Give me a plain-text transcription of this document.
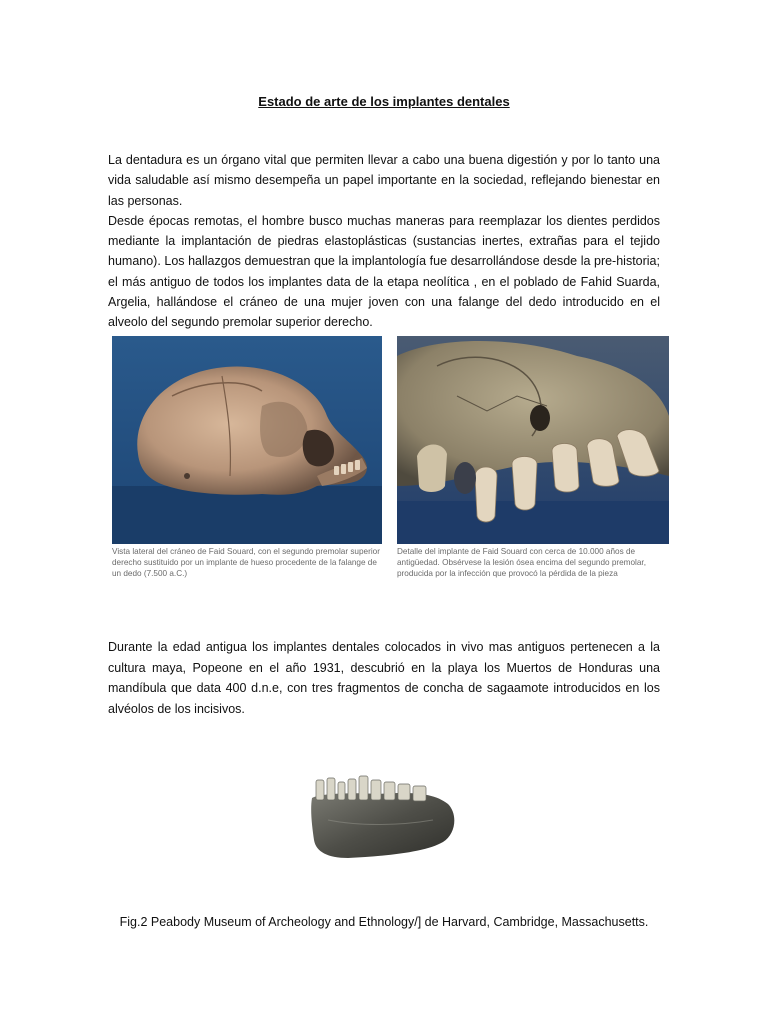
Estado de arte de los implantes dentales

La dentadura es un órgano vital que permiten llevar a cabo una buena digestión y por lo tanto una vida saludable así mismo desempeña un papel importante en la sociedad, reflejando bienestar en las personas.

Desde épocas remotas, el hombre busco muchas maneras para reemplazar los dientes perdidos mediante la implantación de piedras elastoplásticas (sustancias inertes, extrañas para el tejido humano). Los hallazgos demuestran que la implantología fue desarrollándose desde la pre-historia; el más antiguo de todos los implantes data de la etapa neolítica , en el poblado de Fahid Suarda, Argelia, hallándose el cráneo de una mujer joven con una falange del dedo introducido en el alveolo del segundo premolar superior derecho.

Vista lateral del cráneo de Faid Souard, con el segundo premolar superior derecho sustituido por un implante de hueso procedente de la falange de un dedo (7.500 a.C.)
Detalle del implante de Faid Souard con cerca de 10.000 años de antigüedad. Obsérvese la lesión ósea encima del segundo premolar, producida por la infección que provocó la pérdida de la pieza
Durante la edad antigua los implantes dentales colocados in vivo mas antiguos pertenecen a la cultura maya, Popeone en el año 1931, descubrió en la playa los Muertos de Honduras una mandíbula que data 400 d.n.e, con tres fragmentos de concha de sagaamote introducidos en los alvéolos de los incisivos.
Fig.2 Peabody Museum of Archeology and Ethnology/] de Harvard, Cambridge, Massachusetts.
